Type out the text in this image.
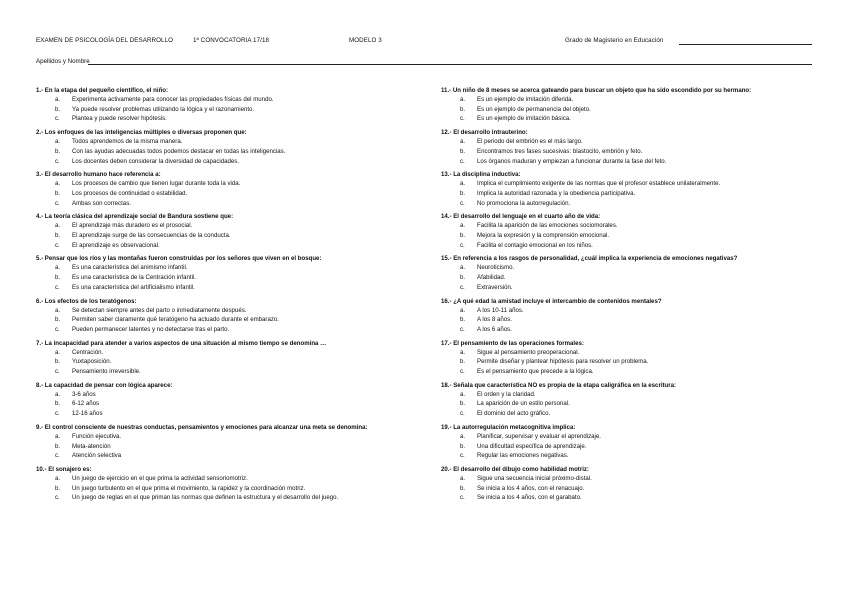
EXAMEN DE PSICOLOGÍA DEL DESARROLLO	1ª CONVOCATORIA 17/18	MODELO 3	Grado de Magisterio en Educación
Apellidos y Nombre
1.- En la etapa del pequeño científico, el niño:
a. Experimenta activamente para conocer las propiedades físicas del mundo.
b. Ya puede resolver problemas utilizando la lógica y el razonamiento.
c. Plantea y puede resolver hipótesis.
2.- Los enfoques de las inteligencias múltiples o diversas proponen que:
a. Todos aprendemos de la misma manera.
b. Con las ayudas adecuadas todos podemos destacar en todas las inteligencias.
c. Los docentes deben considerar la diversidad de capacidades.
3.- El desarrollo humano hace referencia a:
a. Los procesos de cambio que tienen lugar durante toda la vida.
b. Los procesos de continuidad o estabilidad.
c. Ambas son correctas.
4.- La teoría clásica del aprendizaje social de Bandura sostiene que:
a. El aprendizaje más duradero es el prosocial.
b. El aprendizaje surge de las consecuencias de la conducta.
c. El aprendizaje es observacional.
5.- Pensar que los ríos y las montañas fueron construidas por los señores que viven en el bosque:
a. Es una característica del animismo infantil.
b. Es una característica de la Centración infantil.
c. Es una característica del artificialismo infantil.
6.- Los efectos de los teratógenos:
a. Se detectan siempre antes del parto o inmediatamente después.
b. Permiten saber claramente qué teratógeno ha actuado durante el embarazo.
c. Pueden permanecer latentes y no detectarse tras el parto.
7.- La incapacidad para atender a varios aspectos de una situación al mismo tiempo se denomina …
a. Centración.
b. Yuxtaposición.
c. Pensamiento irreversible.
8.- La capacidad de pensar con lógica aparece:
a. 3-6 años
b. 6-12 años
c. 12-16 años
9.- El control consciente de nuestras conductas, pensamientos y emociones para alcanzar una meta se denomina:
a. Función ejecutiva.
b. Meta-atención
c. Atención selectiva
10.- El sonajero es:
a. Un juego de ejercicio en el que prima la actividad sensoriomotriz.
b. Un juego turbulento en el que prima el movimiento, la rapidez y la coordinación motriz.
c. Un juego de reglas en el que priman las normas que definen la estructura y el desarrollo del juego.
11.- Un niño de 8 meses se acerca gateando para buscar un objeto que ha sido escondido por su hermano:
a. Es un ejemplo de imitación diferida.
b. Es un ejemplo de permanencia del objeto.
c. Es un ejemplo de imitación básica.
12.- El desarrollo intrauterino:
a. El periodo del embrión es el más largo.
b. Encontramos tres fases sucesivas: blastocito, embrión y feto.
c. Los órganos maduran y empiezan a funcionar durante la fase del feto.
13.- La disciplina inductiva:
a. Implica el cumplimiento exigente de las normas que el profesor establece unilateralmente.
b. Implica la autoridad razonada y la obediencia participativa.
c. No promociona la autorregulación.
14.- El desarrollo del lenguaje en el cuarto año de vida:
a. Facilita la aparición de las emociones sociomorales.
b. Mejora la expresión y la comprensión emocional.
c. Facilita el contagio emocional en los niños.
15.- En referencia a los rasgos de personalidad, ¿cuál implica la experiencia de emociones negativas?
a. Neuroticismo.
b. Afabilidad.
c. Extraversión.
16.- ¿A qué edad la amistad incluye el intercambio de contenidos mentales?
a. A los 10-11 años.
b. A los 8 años.
c. A los 6 años.
17.- El pensamiento de las operaciones formales:
a. Sigue al pensamiento preoperacional.
b. Permite diseñar y plantear hipótesis para resolver un problema.
c. Es el pensamiento que precede a la lógica.
18.- Señala que característica NO es propia de la etapa caligráfica en la escritura:
a. El orden y la claridad.
b. La aparición de un estilo personal.
c. El dominio del acto gráfico.
19.- La autorregulación metacognitiva implica:
a. Planificar, supervisar y evaluar el aprendizaje.
b. Una dificultad específica de aprendizaje.
c. Regular las emociones negativas.
20.- El desarrollo del dibujo como habilidad motriz:
a. Sigue una secuencia inicial próximo-distal.
b. Se inicia a los 4 años, con el renacuajo.
c. Se inicia a los 4 años, con el garabato.
